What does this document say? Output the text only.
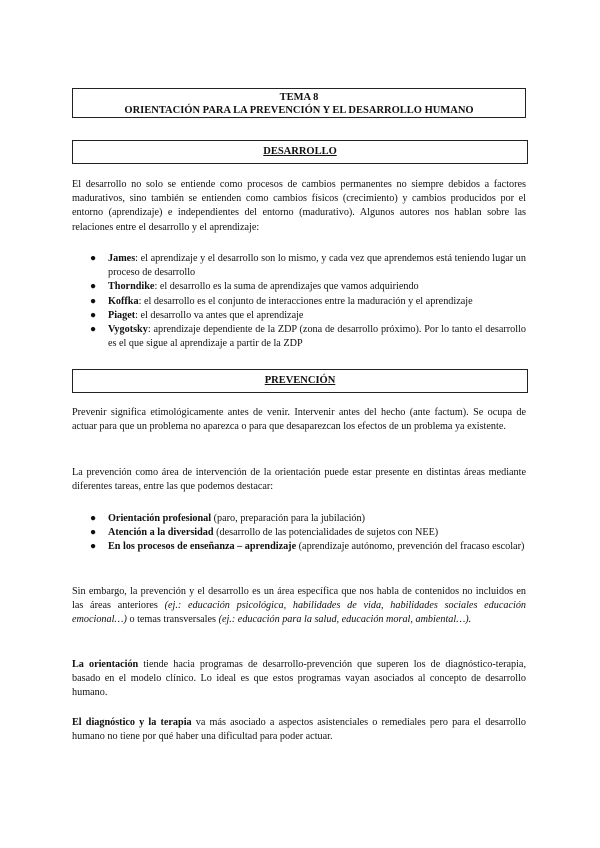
TEMA 8
ORIENTACIÓN PARA LA PREVENCIÓN Y EL DESARROLLO HUMANO
DESARROLLO

El desarrollo no solo se entiende como procesos de cambios permanentes no siempre debidos a factores madurativos, sino también se entienden como cambios físicos (crecimiento) y cambios producidos por el entorno (aprendizaje) e independientes del entorno (madurativo). Algunos autores nos hablan sobre las relaciones entre el desarrollo y el aprendizaje:

● James: el aprendizaje y el desarrollo son lo mismo, y cada vez que aprendemos está teniendo lugar un proceso de desarrollo
● Thorndike: el desarrollo es la suma de aprendizajes que vamos adquiriendo
● Koffka: el desarrollo es el conjunto de interacciones entre la maduración y el aprendizaje
● Piaget: el desarrollo va antes que el aprendizaje
● Vygotsky: aprendizaje dependiente de la ZDP (zona de desarrollo próximo). Por lo tanto el desarrollo es el que sigue al aprendizaje a partir de la ZDP
PREVENCIÓN

Prevenir significa etimológicamente antes de venir. Intervenir antes del hecho (ante factum). Se ocupa de actuar para que un problema no aparezca o para que desaparezcan los efectos de un problema ya existente.

La prevención como área de intervención de la orientación puede estar presente en distintas áreas mediante diferentes tareas, entre las que podemos destacar:

● Orientación profesional (paro, preparación para la jubilación)
● Atención a la diversidad (desarrollo de las potencialidades de sujetos con NEE)
● En los procesos de enseñanza – aprendizaje (aprendizaje autónomo, prevención del fracaso escolar)

Sin embargo, la prevención y el desarrollo es un área específica que nos habla de contenidos no incluidos en las áreas anteriores (ej.: educación psicológica, habilidades de vida, habilidades sociales educación emocional…) o temas transversales (ej.: educación para la salud, educación moral, ambiental…).

La orientación tiende hacia programas de desarrollo-prevención que superen los de diagnóstico-terapia, basado en el modelo clínico. Lo ideal es que estos programas vayan asociados al concepto de desarrollo humano.

El diagnóstico y la terapia va más asociado a aspectos asistenciales o remediales pero para el desarrollo humano no tiene por qué haber una dificultad para poder actuar.
